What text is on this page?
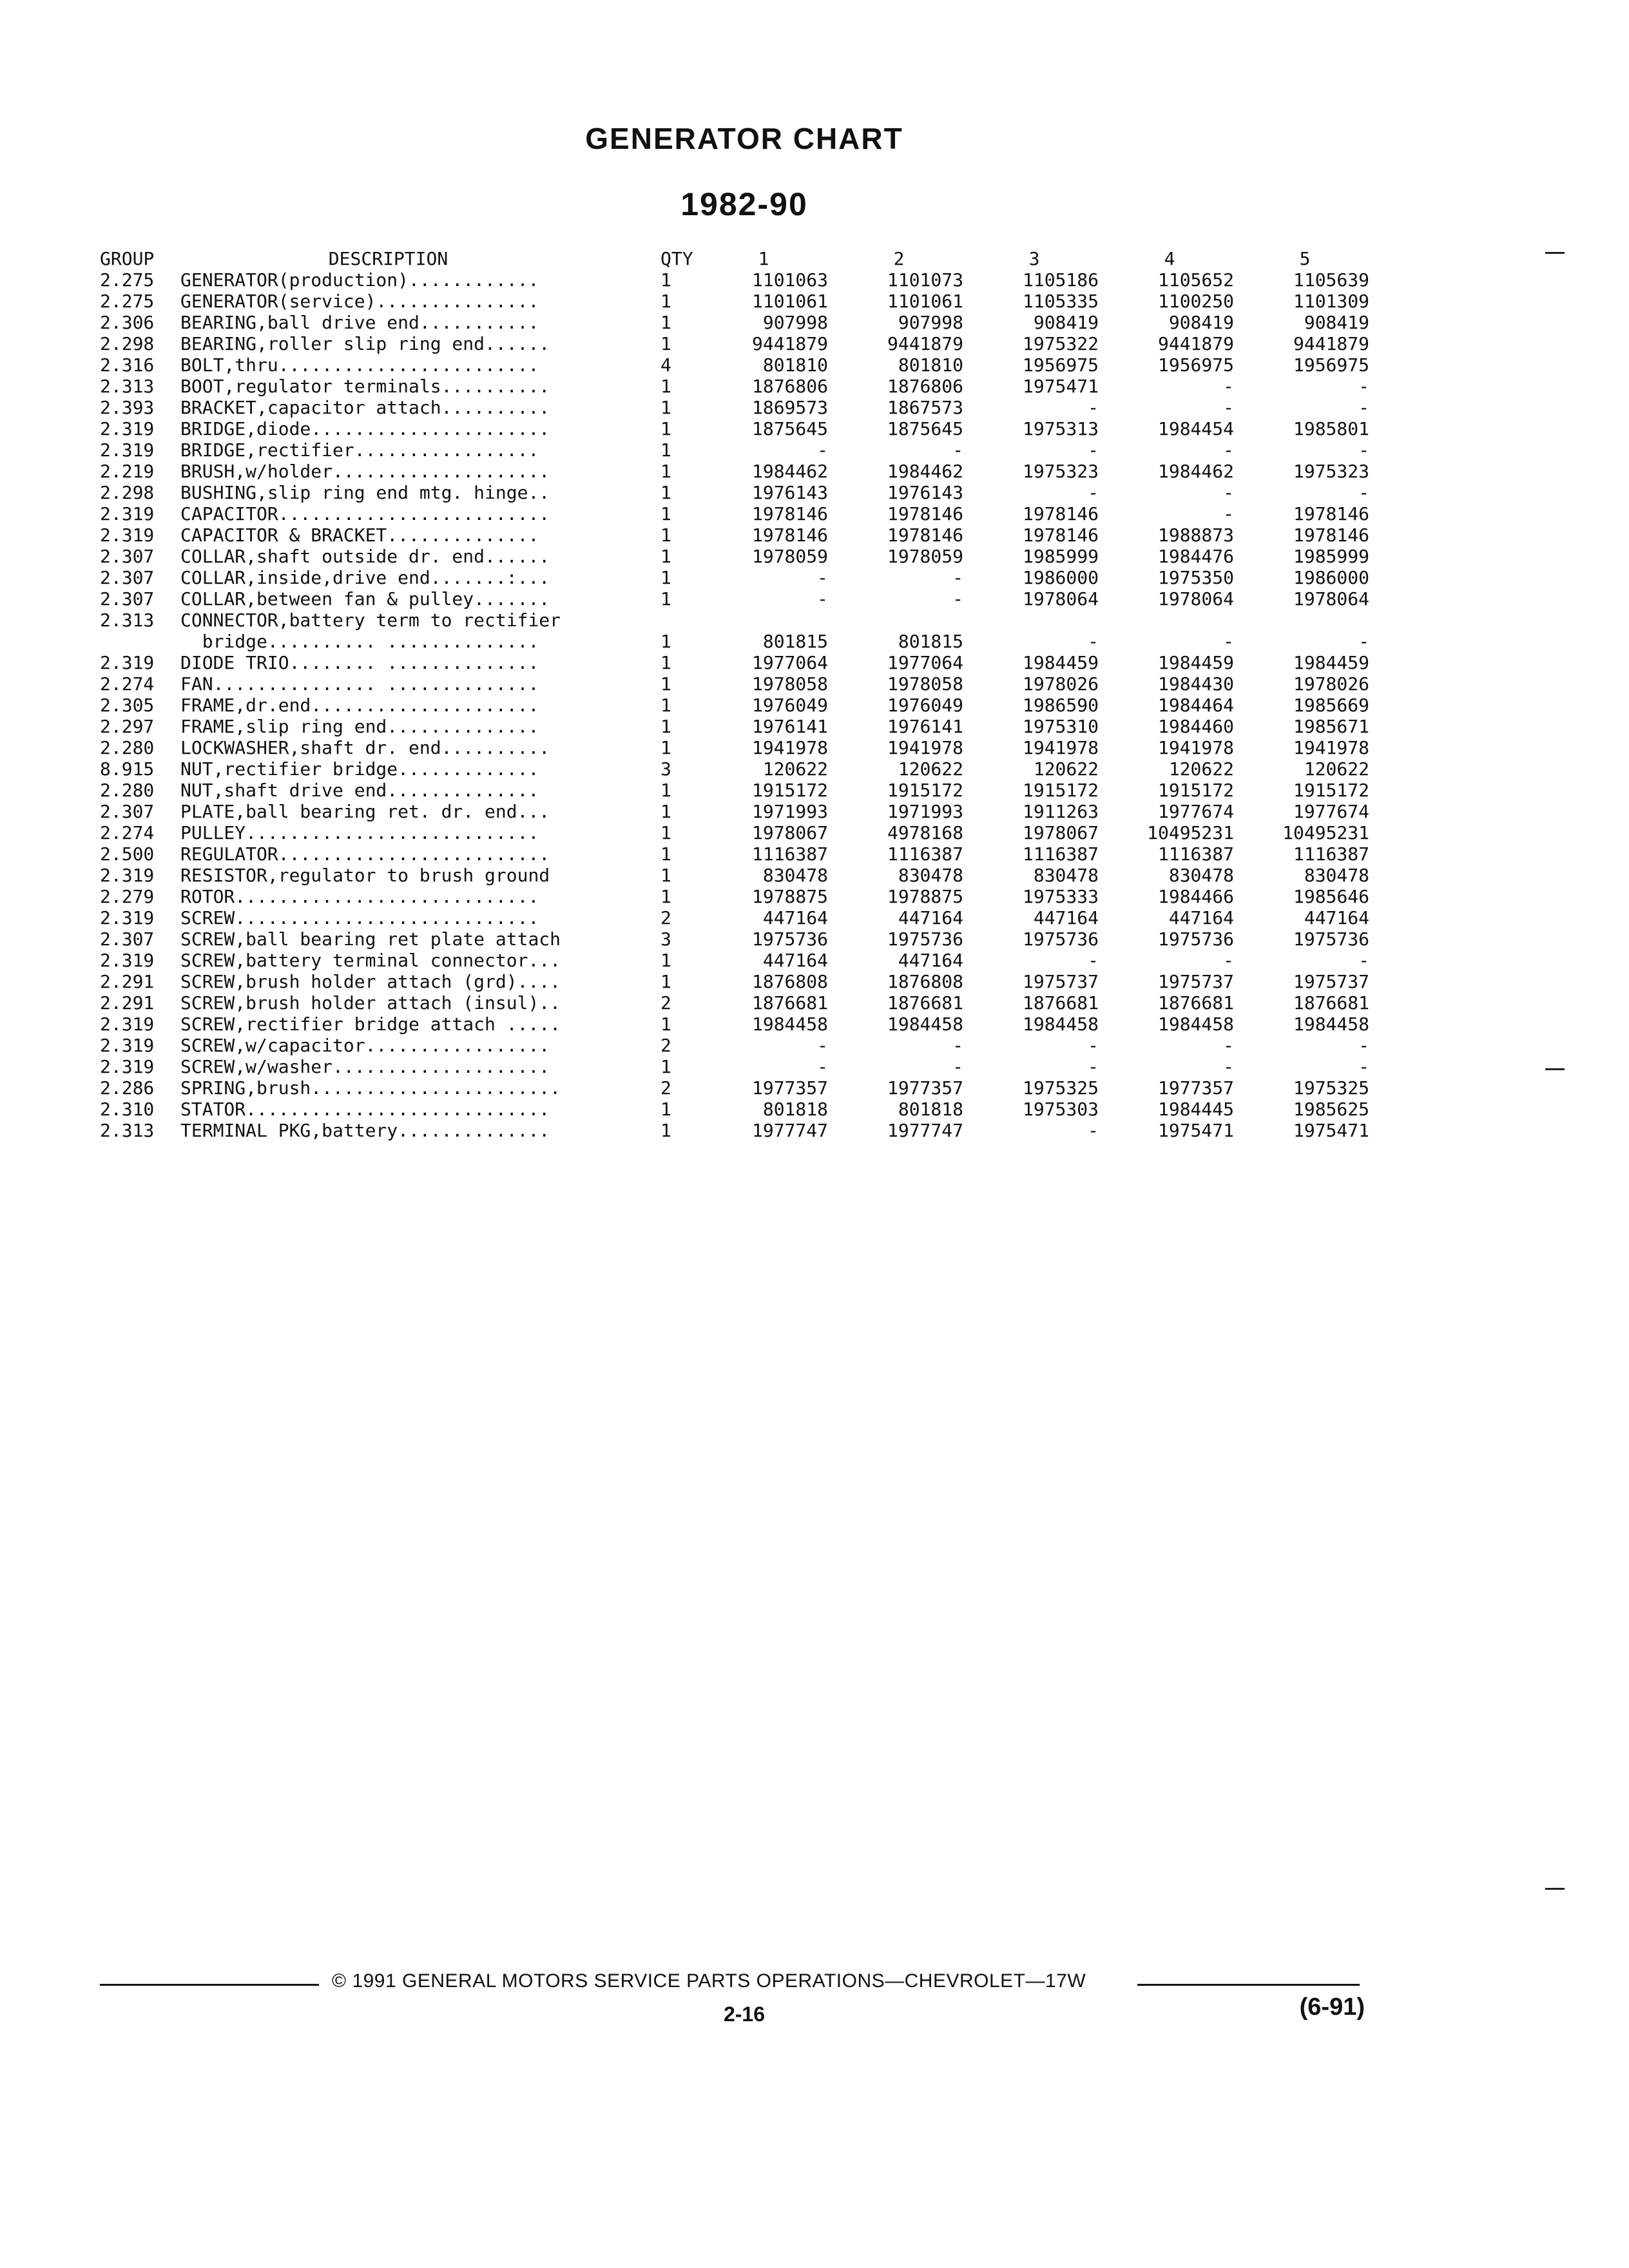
GENERATOR CHART
1982-90
GROUP	DESCRIPTION	QTY	1	2	3	4	5
2.275	GENERATOR(production)............	1	1101063	1101073	1105186	1105652	1105639
2.275	GENERATOR(service)...............	1	1101061	1101061	1105335	1100250	1101309
2.306	BEARING,ball drive end...........	1	907998	907998	908419	908419	908419
2.298	BEARING,roller slip ring end......	1	9441879	9441879	1975322	9441879	9441879
2.316	BOLT,thru........................	4	801810	801810	1956975	1956975	1956975
2.313	BOOT,regulator terminals..........	1	1876806	1876806	1975471	-	-
2.393	BRACKET,capacitor attach..........	1	1869573	1867573	-	-	-
2.319	BRIDGE,diode......................	1	1875645	1875645	1975313	1984454	1985801
2.319	BRIDGE,rectifier.................	1	-	-	-	-	-
2.219	BRUSH,w/holder....................	1	1984462	1984462	1975323	1984462	1975323
2.298	BUSHING,slip ring end mtg. hinge..	1	1976143	1976143	-	-	-
2.319	CAPACITOR.........................	1	1978146	1978146	1978146	-	1978146
2.319	CAPACITOR & BRACKET..............	1	1978146	1978146	1978146	1988873	1978146
2.307	COLLAR,shaft outside dr. end......	1	1978059	1978059	1985999	1984476	1985999
2.307	COLLAR,inside,drive end.......:...	1	-	-	1986000	1975350	1986000
2.307	COLLAR,between fan & pulley.......	1	-	-	1978064	1978064	1978064
2.313	CONNECTOR,battery term to rectifier						
	bridge.......... ..............	1	801815	801815	-	-	-
2.319	DIODE TRIO........ ..............	1	1977064	1977064	1984459	1984459	1984459
2.274	FAN............... ..............	1	1978058	1978058	1978026	1984430	1978026
2.305	FRAME,dr.end.....................	1	1976049	1976049	1986590	1984464	1985669
2.297	FRAME,slip ring end..............	1	1976141	1976141	1975310	1984460	1985671
2.280	LOCKWASHER,shaft dr. end..........	1	1941978	1941978	1941978	1941978	1941978
8.915	NUT,rectifier bridge.............	3	120622	120622	120622	120622	120622
2.280	NUT,shaft drive end..............	1	1915172	1915172	1915172	1915172	1915172
2.307	PLATE,ball bearing ret. dr. end...	1	1971993	1971993	1911263	1977674	1977674
2.274	PULLEY...........................	1	1978067	4978168	1978067	10495231	10495231
2.500	REGULATOR.........................	1	1116387	1116387	1116387	1116387	1116387
2.319	RESISTOR,regulator to brush ground	1	830478	830478	830478	830478	830478
2.279	ROTOR............................	1	1978875	1978875	1975333	1984466	1985646
2.319	SCREW............................	2	447164	447164	447164	447164	447164
2.307	SCREW,ball bearing ret plate attach	3	1975736	1975736	1975736	1975736	1975736
2.319	SCREW,battery terminal connector...	1	447164	447164	-	-	-
2.291	SCREW,brush holder attach (grd)....	1	1876808	1876808	1975737	1975737	1975737
2.291	SCREW,brush holder attach (insul)..	2	1876681	1876681	1876681	1876681	1876681
2.319	SCREW,rectifier bridge attach .....	1	1984458	1984458	1984458	1984458	1984458
2.319	SCREW,w/capacitor.................	2	-	-	-	-	-
2.319	SCREW,w/washer....................	1	-	-	-	-	-
2.286	SPRING,brush.......................	2	1977357	1977357	1975325	1977357	1975325
2.310	STATOR............................	1	801818	801818	1975303	1984445	1985625
2.313	TERMINAL PKG,battery..............	1	1977747	1977747	-	1975471	1975471
© 1991 GENERAL MOTORS SERVICE PARTS OPERATIONS—CHEVROLET—17W
2-16	(6-91)
